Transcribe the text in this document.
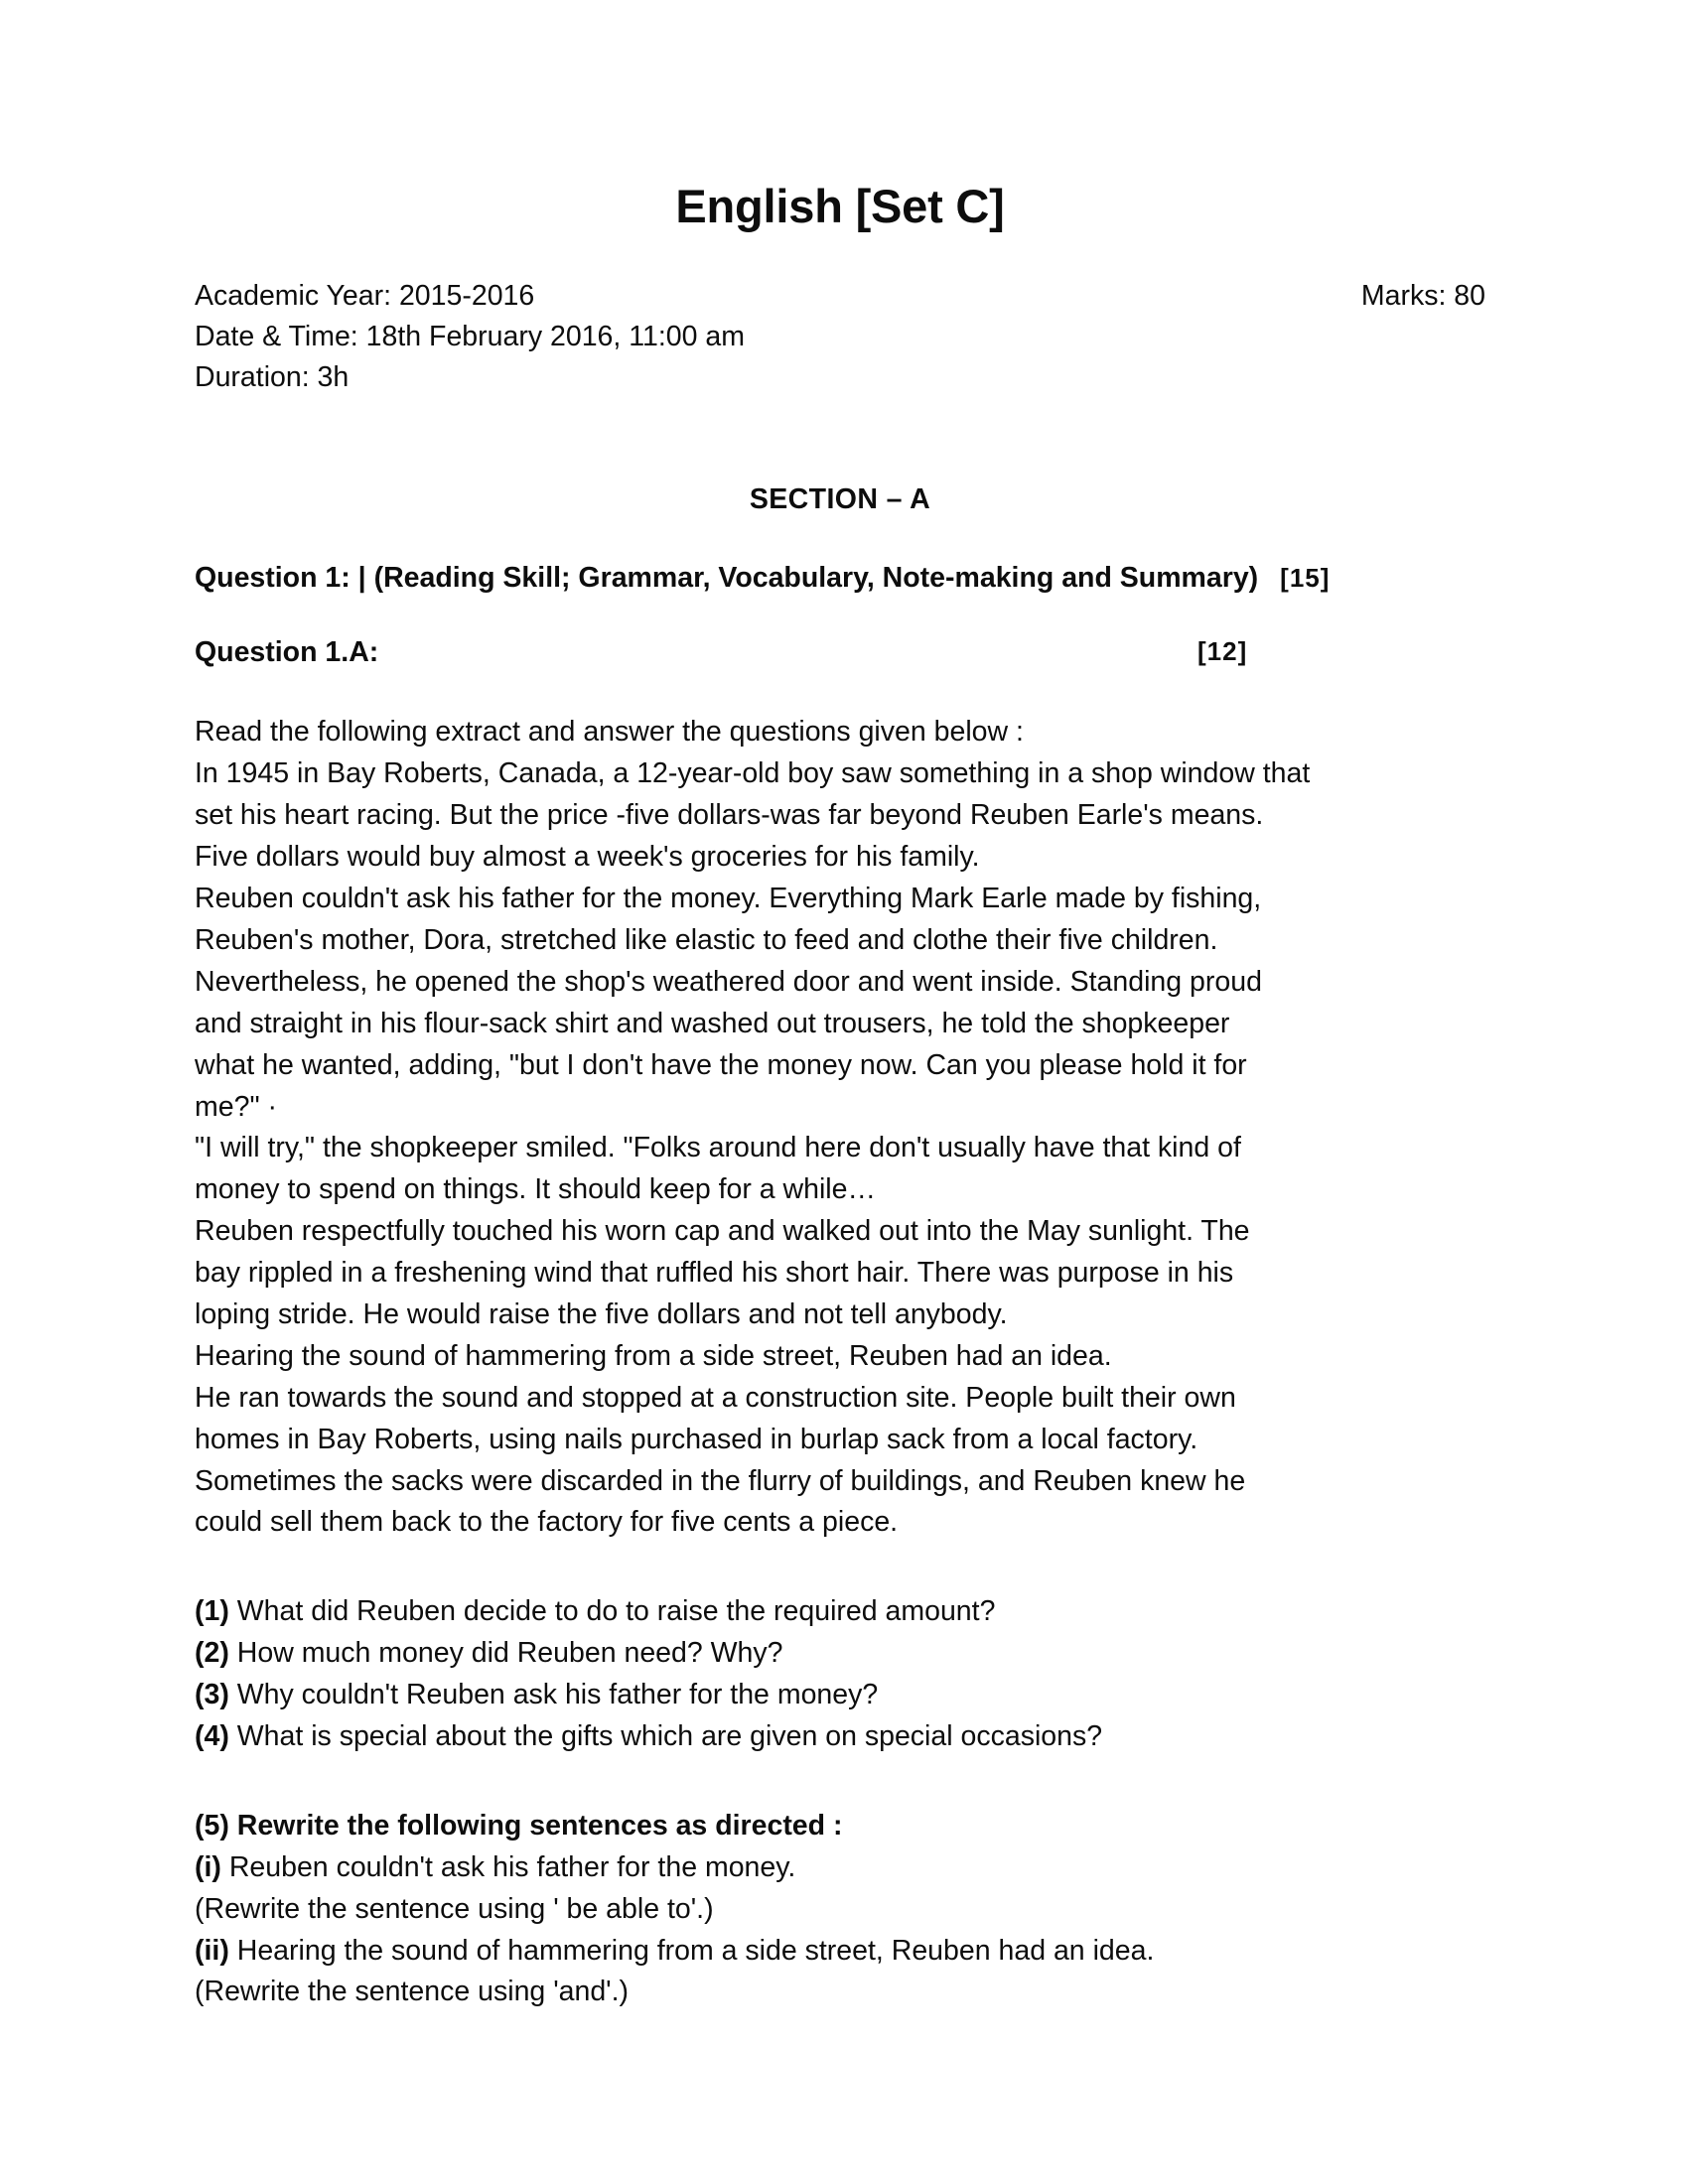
English [Set C]
Academic Year: 2015-2016
Date & Time: 18th February 2016, 11:00 am
Duration: 3h
Marks: 80
SECTION – A
Question 1: | (Reading Skill; Grammar, Vocabulary, Note-making and Summary) [15]
Question 1.A:	[12]
Read the following extract and answer the questions given below :
In 1945 in Bay Roberts, Canada, a 12-year-old boy saw something in a shop window that
set his heart racing. But the price -five dollars-was far beyond Reuben Earle's means.
Five dollars would buy almost a week's groceries for his family.
Reuben couldn't ask his father for the money. Everything Mark Earle made by fishing,
Reuben's mother, Dora, stretched like elastic to feed and clothe their five children.
Nevertheless, he opened the shop's weathered door and went inside. Standing proud
and straight in his flour-sack shirt and washed out trousers, he told the shopkeeper
what he wanted, adding, "but I don't have the money now. Can you please hold it for
me?" ·
"I will try," the shopkeeper smiled. "Folks around here don't usually have that kind of
money to spend on things. It should keep for a while…
Reuben respectfully touched his worn cap and walked out into the May sunlight. The
bay rippled in a freshening wind that ruffled his short hair. There was purpose in his
loping stride. He would raise the five dollars and not tell anybody.
Hearing the sound of hammering from a side street, Reuben had an idea.
He ran towards the sound and stopped at a construction site. People built their own
homes in Bay Roberts, using nails purchased in burlap sack from a local factory.
Sometimes the sacks were discarded in the flurry of buildings, and Reuben knew he
could sell them back to the factory for five cents a piece.
(1) What did Reuben decide to do to raise the required amount?
(2) How much money did Reuben need? Why?
(3) Why couldn't Reuben ask his father for the money?
(4) What is special about the gifts which are given on special occasions?
(5) Rewrite the following sentences as directed :
(i) Reuben couldn't ask his father for the money.
(Rewrite the sentence using ' be able to'.)
(ii) Hearing the sound of hammering from a side street, Reuben had an idea.
(Rewrite the sentence using 'and'.)
